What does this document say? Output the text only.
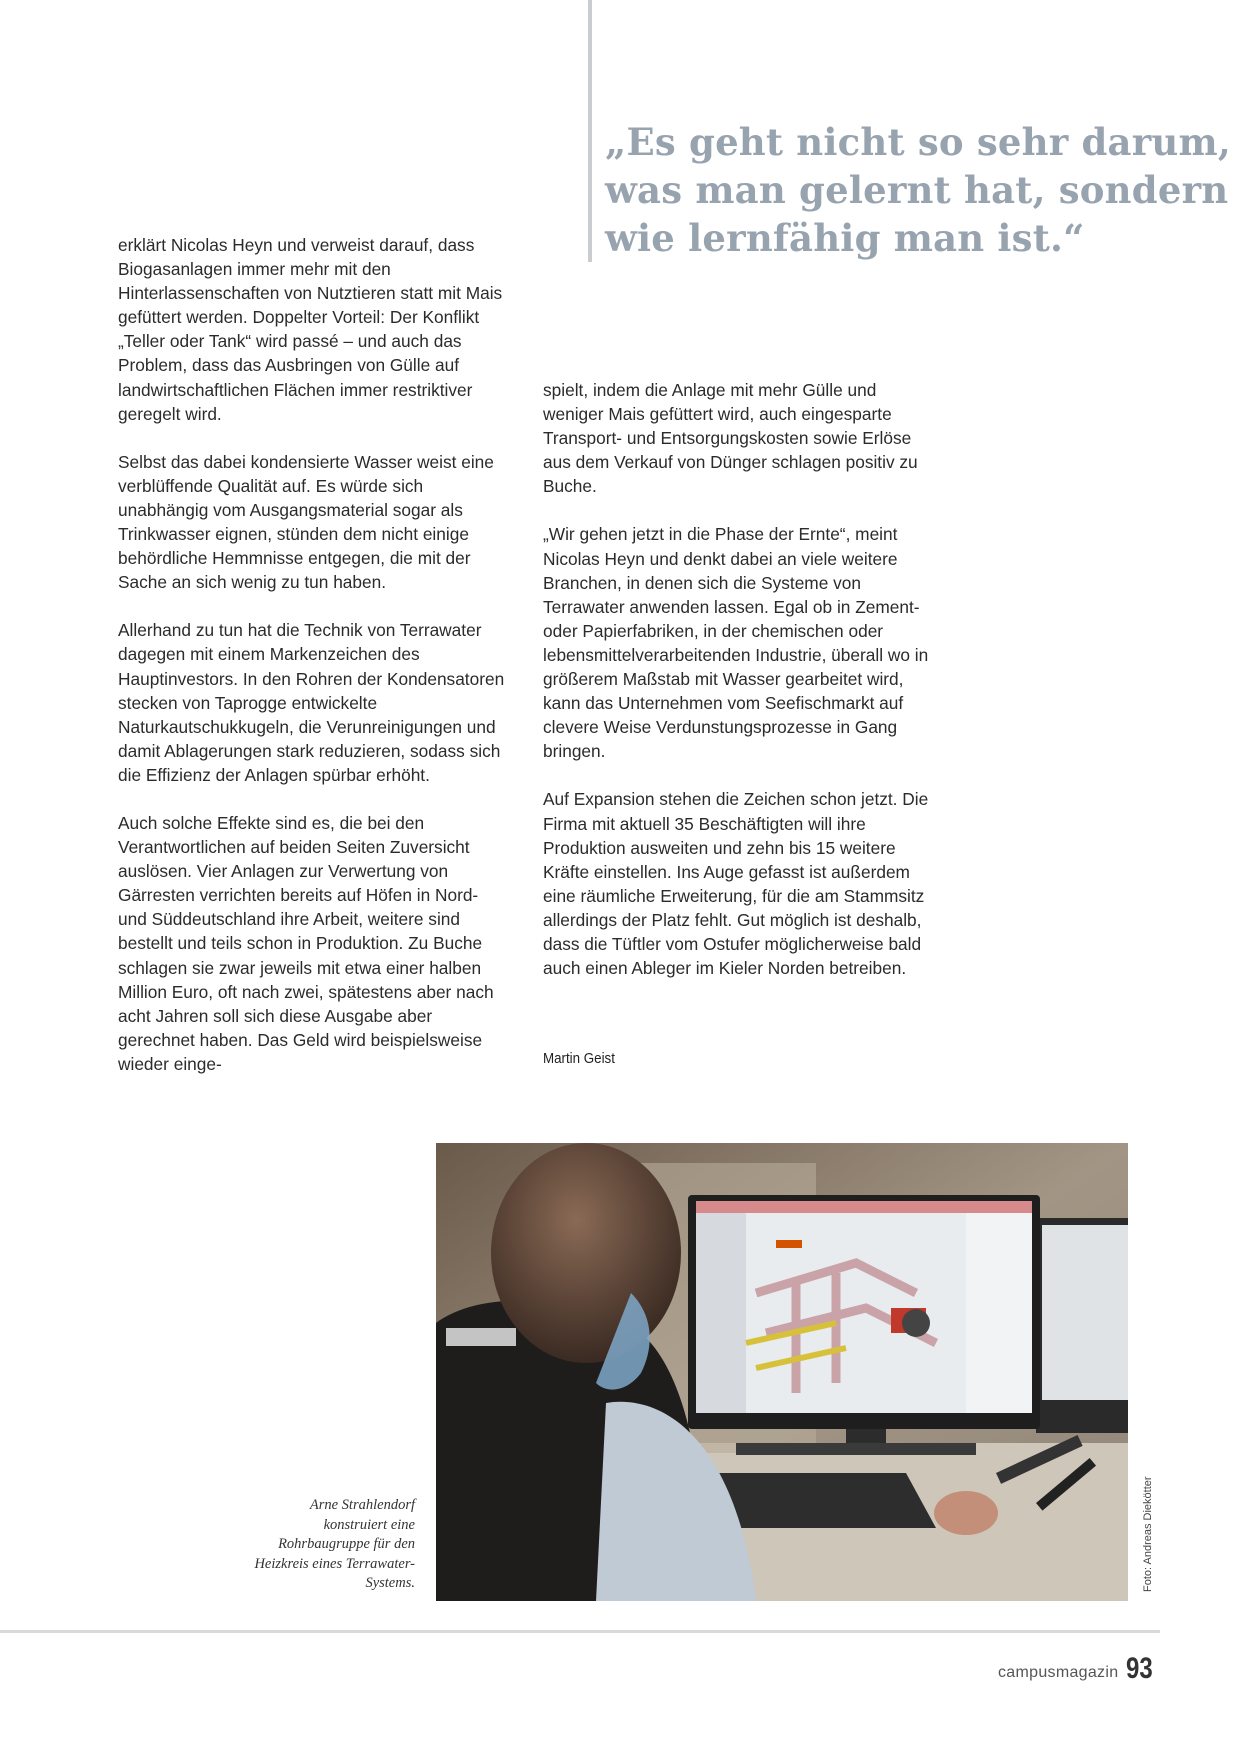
„Es geht nicht so sehr darum,
was man gelernt hat, sondern
wie lernfähig man ist.“

erklärt Nicolas Heyn und verweist darauf, dass Biogasanlagen immer mehr mit den Hinterlassenschaften von Nutztieren statt mit Mais gefüttert werden. Doppelter Vorteil: Der Konflikt „Teller oder Tank“ wird passé – und auch das Problem, dass das Ausbringen von Gülle auf landwirtschaftlichen Flächen immer restriktiver geregelt wird.

Selbst das dabei kondensierte Wasser weist eine verblüffende Qualität auf. Es würde sich unabhängig vom Ausgangsmaterial sogar als Trinkwasser eignen, stünden dem nicht einige behördliche Hemmnisse entgegen, die mit der Sache an sich wenig zu tun haben.

Allerhand zu tun hat die Technik von Terrawater dagegen mit einem Markenzeichen des Hauptinvestors. In den Rohren der Kondensatoren stecken von Taprogge entwickelte Naturkautschukkugeln, die Verunreinigungen und damit Ablagerungen stark reduzieren, sodass sich die Effizienz der Anlagen spürbar erhöht.

Auch solche Effekte sind es, die bei den Verantwortlichen auf beiden Seiten Zuversicht auslösen. Vier Anlagen zur Verwertung von Gärresten verrichten bereits auf Höfen in Nord- und Süddeutschland ihre Arbeit, weitere sind bestellt und teils schon in Produktion. Zu Buche schlagen sie zwar jeweils mit etwa einer halben Million Euro, oft nach zwei, spätestens aber nach acht Jahren soll sich diese Ausgabe aber gerechnet haben. Das Geld wird beispielsweise wieder einge-

spielt, indem die Anlage mit mehr Gülle und weniger Mais gefüttert wird, auch eingesparte Transport- und Entsorgungskosten sowie Erlöse aus dem Verkauf von Dünger schlagen positiv zu Buche.

„Wir gehen jetzt in die Phase der Ernte“, meint Nicolas Heyn und denkt dabei an viele weitere Branchen, in denen sich die Systeme von Terrawater anwenden lassen. Egal ob in Zement- oder Papierfabriken, in der chemischen oder lebensmittelverarbeitenden Industrie, überall wo in größerem Maßstab mit Wasser gearbeitet wird, kann das Unternehmen vom Seefischmarkt auf clevere Weise Verdunstungsprozesse in Gang bringen.

Auf Expansion stehen die Zeichen schon jetzt. Die Firma mit aktuell 35 Beschäftigten will ihre Produktion ausweiten und zehn bis 15 weitere Kräfte einstellen. Ins Auge gefasst ist außerdem eine räumliche Erweiterung, für die am Stammsitz allerdings der Platz fehlt. Gut möglich ist deshalb, dass die Tüftler vom Ostufer möglicherweise bald auch einen Ableger im Kieler Norden betreiben.

Martin Geist
Arne Strahlendorf konstruiert eine Rohrbaugruppe für den Heizkreis eines Terrawater-Systems.	Foto: Andreas Diekötter
campusmagazin 93
